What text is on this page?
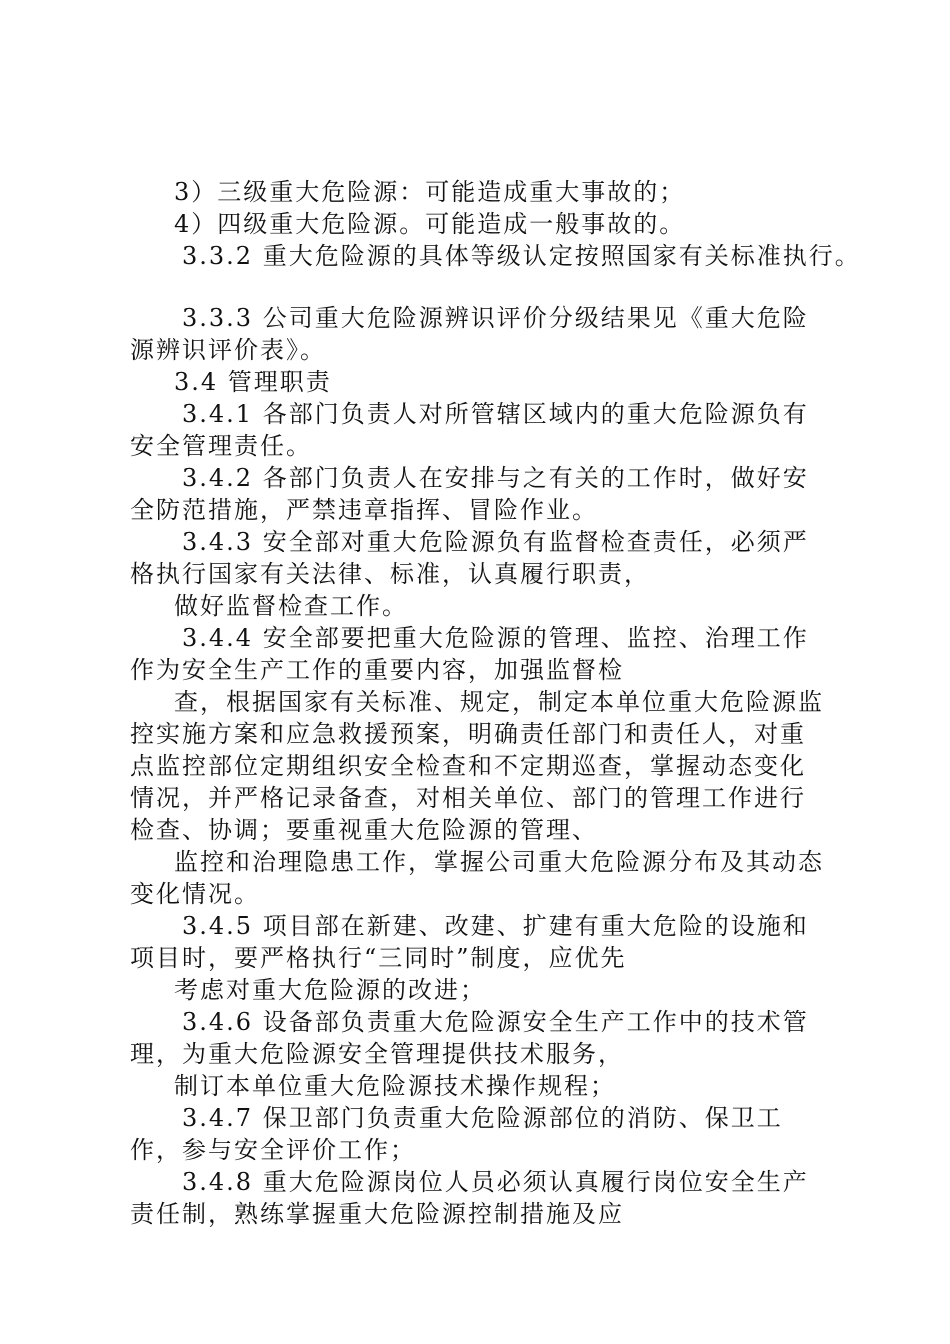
3）三级重大危险源：可能造成重大事故的；

4）四级重大危险源。可能造成一般事故的。

3.3.2 重大危险源的具体等级认定按照国家有关标准执行。

3.3.3 公司重大危险源辨识评价分级结果见《重大危险源辨识评价表》。

3.4 管理职责

3.4.1 各部门负责人对所管辖区域内的重大危险源负有安全管理责任。

3.4.2 各部门负责人在安排与之有关的工作时，做好安全防范措施，严禁违章指挥、冒险作业。

3.4.3 安全部对重大危险源负有监督检查责任，必须严格执行国家有关法律、标准，认真履行职责，

做好监督检查工作。

3.4.4 安全部要把重大危险源的管理、监控、治理工作作为安全生产工作的重要内容，加强监督检

查，根据国家有关标准、规定，制定本单位重大危险源监控实施方案和应急救援预案，明确责任部门和责任人，对重点监控部位定期组织安全检查和不定期巡查，掌握动态变化情况，并严格记录备查，对相关单位、部门的管理工作进行检查、协调；要重视重大危险源的管理、

监控和治理隐患工作，掌握公司重大危险源分布及其动态变化情况。

3.4.5 项目部在新建、改建、扩建有重大危险的设施和项目时，要严格执行“三同时”制度，应优先

考虑对重大危险源的改进；

3.4.6 设备部负责重大危险源安全生产工作中的技术管理，为重大危险源安全管理提供技术服务，

制订本单位重大危险源技术操作规程；

3.4.7 保卫部门负责重大危险源部位的消防、保卫工作，参与安全评价工作；

3.4.8 重大危险源岗位人员必须认真履行岗位安全生产责任制，熟练掌握重大危险源控制措施及应
